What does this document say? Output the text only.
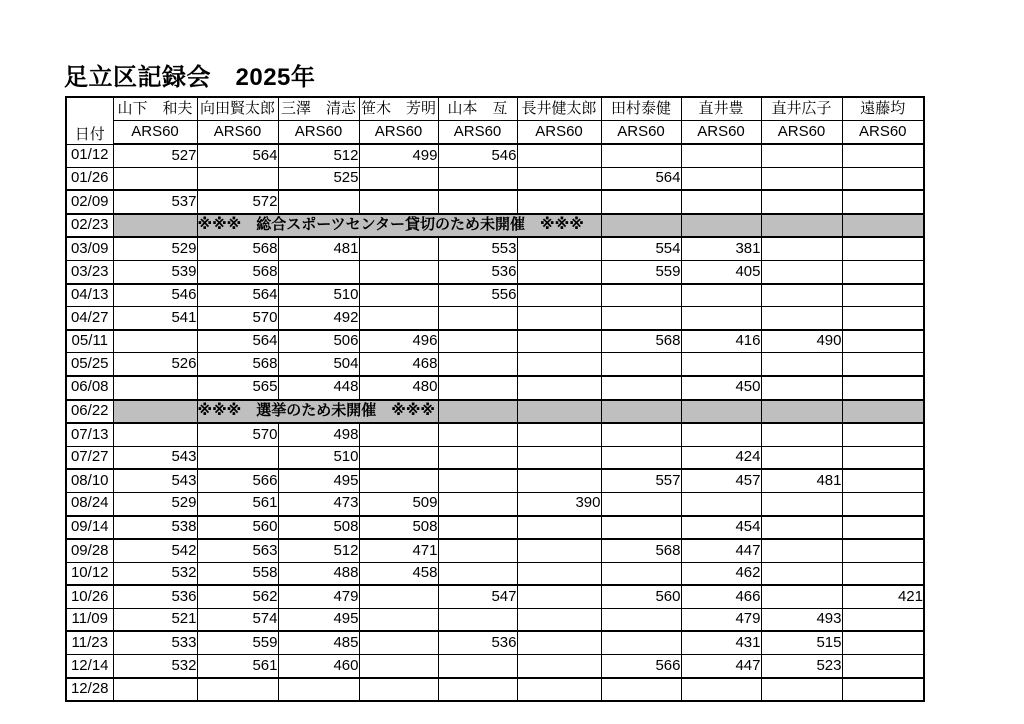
足立区記録会　2025年
日付	山下　和夫	向田賢太郎	三澤　清志	笹木　芳明	山本　亙	長井健太郎	田村泰健	直井豊	直井広子	遠藤均
	ARS60	ARS60	ARS60	ARS60	ARS60	ARS60	ARS60	ARS60	ARS60	ARS60
01/12	527	564	512	499	546					
01/26			525				564			
02/09	537	572								
02/23		※※※　総合スポーツセンター貸切のため未開催　※※※								
03/09	529	568	481		553		554	381		
03/23	539	568			536		559	405		
04/13	546	564	510		556					
04/27	541	570	492							
05/11		564	506	496			568	416	490	
05/25	526	568	504	468						
06/08		565	448	480				450		
06/22		※※※　選挙のため未開催　※※※								
07/13		570	498							
07/27	543		510					424		
08/10	543	566	495				557	457	481	
08/24	529	561	473	509		390				
09/14	538	560	508	508				454		
09/28	542	563	512	471			568	447		
10/12	532	558	488	458				462		
10/26	536	562	479		547		560	466		421
11/09	521	574	495					479	493	
11/23	533	559	485		536			431	515	
12/14	532	561	460				566	447	523	
12/28										
